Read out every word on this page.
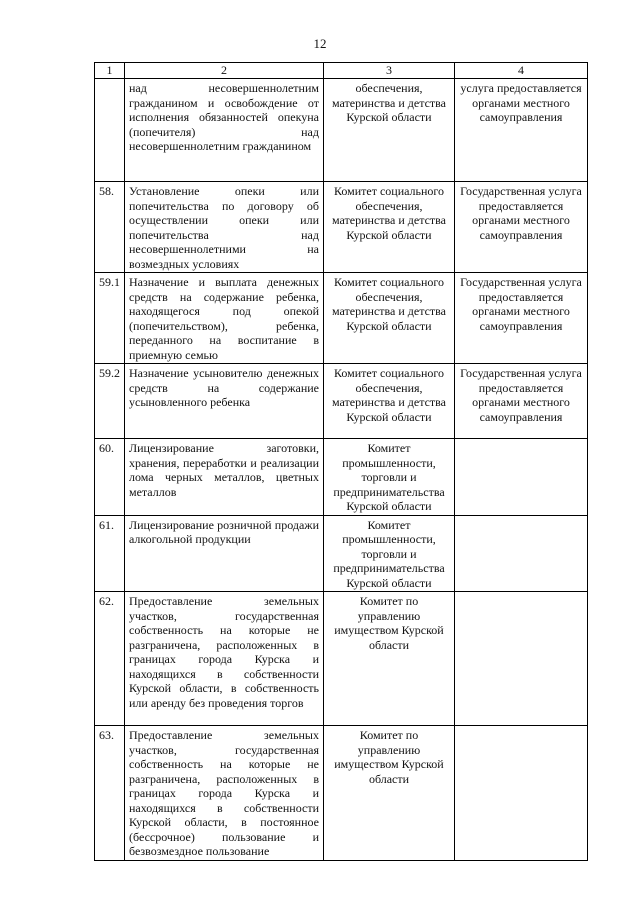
12
1	2	3	4
	над несовершеннолетним гражданином и освобождение от исполнения обязанностей опекуна (попечителя) над несовершеннолетним гражданином	обеспечения, материнства и детства Курской области	услуга предоставляется органами местного самоуправления
58.	Установление опеки или попечительства по договору об осуществлении опеки или попечительства над несовершеннолетними на возмездных условиях	Комитет социального обеспечения, материнства и детства Курской области	Государственная услуга предоставляется органами местного самоуправления
59.1	Назначение и выплата денежных средств на содержание ребенка, находящегося под опекой (попечительством), ребенка, переданного на воспитание в приемную семью	Комитет социального обеспечения, материнства и детства Курской области	Государственная услуга предоставляется органами местного самоуправления
59.2	Назначение усыновителю денежных средств на содержание усыновленного ребенка	Комитет социального обеспечения, материнства и детства Курской области	Государственная услуга предоставляется органами местного самоуправления
60.	Лицензирование заготовки, хранения, переработки и реализации лома черных металлов, цветных металлов	Комитет промышленности, торговли и предпринимательства Курской области	
61.	Лицензирование розничной продажи алкогольной продукции	Комитет промышленности, торговли и предпринимательства Курской области	
62.	Предоставление земельных участков, государственная собственность на которые не разграничена, расположенных в границах города Курска и находящихся в собственности Курской области, в собственность или аренду без проведения торгов	Комитет по управлению имуществом Курской области	
63.	Предоставление земельных участков, государственная собственность на которые не разграничена, расположенных в границах города Курска и находящихся в собственности Курской области, в постоянное (бессрочное) пользование и безвозмездное пользование	Комитет по управлению имуществом Курской области	
